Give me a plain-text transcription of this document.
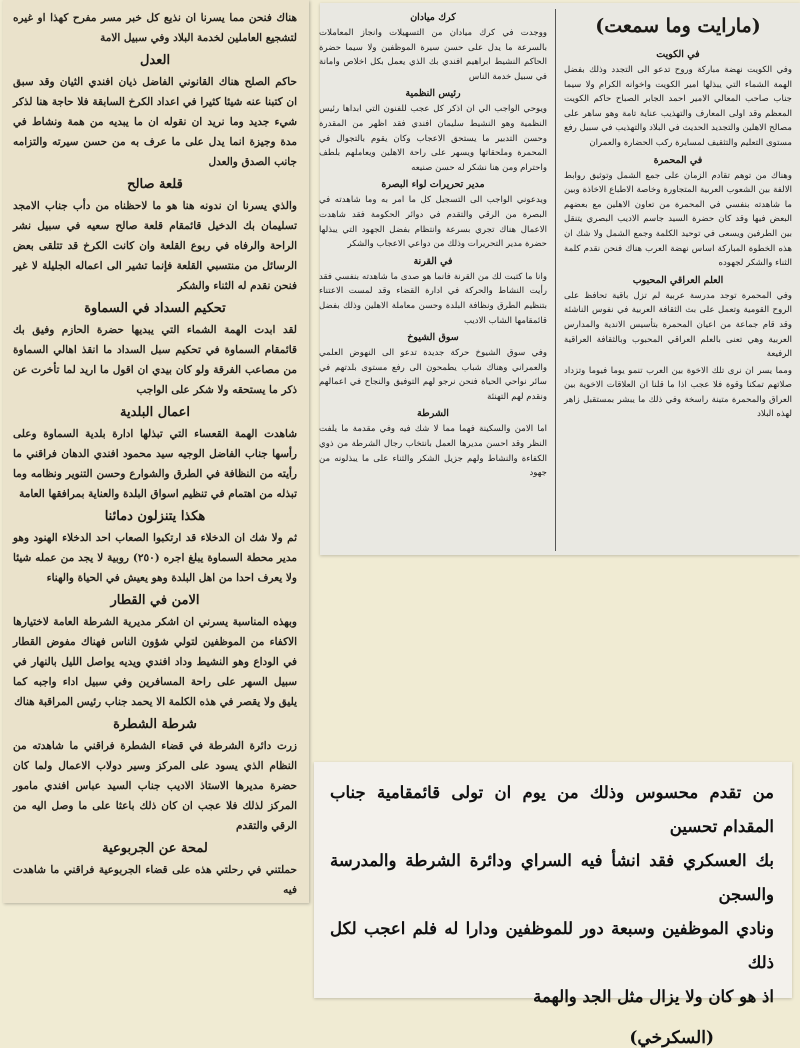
هناك فنحن مما يسرنا ان نذيع كل خبر مسر مفرح كهذا او غيره لتشجيع العاملين لخدمة البلاد وفي سبيل الامة

العدل

حاكم الصلح هناك القانوني الفاضل ذيان افندي الثيان وقد سبق ان كتبنا عنه شيئا كثيرا في اعداد الكرخ السابقة فلا حاجة هنا لذكر شيء جديد وما نريد ان نقوله ان ما يبديه من همة ونشاط في مدة وجيزة انما يدل على ما عرف به من حسن سيرته والتزامه جانب الصدق والعدل

قلعة صالح

والذي يسرنا ان ندونه هنا هو ما لاحظناه من دأب جناب الامجد تسليمان بك الدخيل قائمقام قلعة صالح سعيه في سبيل نشر الراحة والرفاه في ربوع القلعة وان كانت الكرخ قد تتلقى بعض الرسائل من منتسبي القلعة فإنما تشير الى اعماله الجليلة لا غير فنحن نقدم له الثناء والشكر

تحكيم السداد في السماوة

لقد ابدت الهمة الشماء التي يبديها حضرة الحازم وفيق بك قائمقام السماوة في تحكيم سبل السداد ما انقذ اهالي السماوة من مصاعب الفرقة ولو كان بيدي ان اقول ما اريد لما تأخرت عن ذكر ما يستحقه ولا شكر على الواجب

اعمال البلدية

شاهدت الهمة القعساء التي تبذلها ادارة بلدية السماوة وعلى رأسها جناب الفاضل الوجيه سيد محمود افندي الدهان فراقني ما رأيته من النظافة في الطرق والشوارع وحسن التنوير ونظامه وما تبذله من اهتمام في تنظيم اسواق البلدة والعناية بمرافقها العامة

هكذا يتنزلون دمائنا

ثم ولا شك ان الدخلاء قد ارتكبوا الصعاب احد الدخلاء الهنود وهو مدير محطة السماوة يبلغ اجره (٢٥٠) روبية لا يجد من عمله شيئا ولا يعرف احدا من اهل البلدة وهو يعيش في الحياة والهناء

الامن في القطار

وبهذه المناسبة يسرني ان اشكر مديرية الشرطة العامة لاختيارها الاكفاء من الموظفين لتولي شؤون الناس فهناك مفوض القطار في الوداع وهو النشيط وداد افندي ويديه يواصل الليل بالنهار في سبيل السهر على راحة المسافرين وفي سبيل اداء واجبه كما يليق ولا يقصر في هذه الكلمة الا يحمد جناب رئيس المراقبة هناك

شرطة الشطرة

زرت دائرة الشرطة في قضاء الشطرة فراقني ما شاهدته من النظام الذي يسود على المركز وسير دولاب الاعمال ولما كان حضرة مديرها الاستاذ الاديب جناب السيد عباس افندي مامور المركز لذلك فلا عجب ان كان ذلك باعثا على ما وصل اليه من الرقي والتقدم

لمحة عن الجربوعية

حملتني في رحلتي هذه على قضاء الجربوعية فراقني ما شاهدت فيه

(مارايت وما سمعت)
في الكويت

وفي الكويت نهضة مباركة وروح تدعو الى التجدد وذلك بفضل الهمة الشماء التي يبذلها امير الكويت واخوانه الكرام ولا سيما جناب صاحب المعالي الامير احمد الجابر الصباح حاكم الكويت المعظم وقد اولى المعارف والتهذيب عناية تامة وهو ساهر على مصالح الاهلين والتجديد الحديث في البلاد والتهذيب في سبيل رفع مستوى التعليم والتثقيف لمسايرة ركب الحضارة والعمران

في المحمرة

وهناك من توهم تقادم الزمان على جمع الشمل وتوثيق روابط الالفة بين الشعوب العربية المتجاورة وخاصة الاطباع الاخاذة وبين ما شاهدته بنفسي في المحمرة من تعاون الاهلين مع بعضهم البعض فيها وقد كان حضرة السيد جاسم الاديب البصري يتنقل بين الطرفين ويسعى في توحيد الكلمة وجمع الشمل ولا شك ان هذه الخطوة المباركة اساس نهضة العرب هناك فنحن نقدم كلمة الثناء والشكر لجهوده

العلم العراقي المحبوب

وفي المحمرة توجد مدرسة عربية لم تزل باقية تحافظ على الروح القومية وتعمل على بث الثقافة العربية في نفوس الناشئة وقد قام جماعة من اعيان المحمرة بتأسيس الاندية والمدارس العربية وهي تعنى بالعلم العراقي المحبوب وبالثقافة العراقية الرفيعة

ومما يسر ان نرى تلك الاخوة بين العرب تنمو يوما فيوما وتزداد صلاتهم تمكنا وقوة فلا عجب اذا ما قلنا ان العلاقات الاخوية بين العراق والمحمرة متينة راسخة وفي ذلك ما يبشر بمستقبل زاهر لهذه البلاد

كرك ميادان

ووجدت في كرك ميادان من التسهيلات وانجاز المعاملات بالسرعة ما يدل على حسن سيرة الموظفين ولا سيما حضرة الحاكم النشيط ابراهيم افندي بك الذي يعمل بكل اخلاص وامانة في سبيل خدمة الناس

رئيس النظمية

ويوحي الواجب الي ان اذكر كل عجب للفنون التي ابداها رئيس النظمية وهو النشيط سليمان افندي فقد اظهر من المقدرة وحسن التدبير ما يستحق الاعجاب وكان يقوم بالتجوال في المحمرة وملحقاتها ويسهر على راحة الاهلين ويعاملهم بلطف واحترام ومن هنا نشكر له حسن صنيعه

مدير تحريرات لواء البصرة

ويدعوني الواجب الى التسجيل كل ما امر به وما شاهدته في البصرة من الرقي والتقدم في دوائر الحكومة فقد شاهدت الاعمال هناك تجري بسرعة وانتظام بفضل الجهود التي يبذلها حضرة مدير التحريرات وذلك من دواعي الاعجاب والشكر

في القرنة

وانا ما كتبت لك من القرنة فانما هو صدى ما شاهدته بنفسي فقد رأيت النشاط والحركة في ادارة القضاء وقد لمست الاعتناء بتنظيم الطرق ونظافة البلدة وحسن معاملة الاهلين وذلك بفضل قائمقامها الشاب الاديب

سوق الشيوخ

وفي سوق الشيوخ حركة جديدة تدعو الى النهوض العلمي والعمراني وهناك شباب يطمحون الى رفع مستوى بلدتهم في سائر نواحي الحياة فنحن نرجو لهم التوفيق والنجاح في اعمالهم ونقدم لهم التهنئة

الشرطة

اما الامن والسكينة فهما مما لا شك فيه وفي مقدمة ما يلفت النظر وقد احسن مديرها العمل بانتخاب رجال الشرطة من ذوي الكفاءة والنشاط ولهم جزيل الشكر والثناء على ما يبذلونه من جهود

من تقدم محسوس وذلك من يوم ان تولى قائمقامية جناب المقدام تحسين

بك العسكري فقد انشأ فيه السراي ودائرة الشرطة والمدرسة والسجن

ونادي الموظفين وسبعة دور للموظفين ودارا له فلم اعجب لكل ذلك

اذ هو كان ولا يزال مثل الجد والهمة

(السكرخي)
